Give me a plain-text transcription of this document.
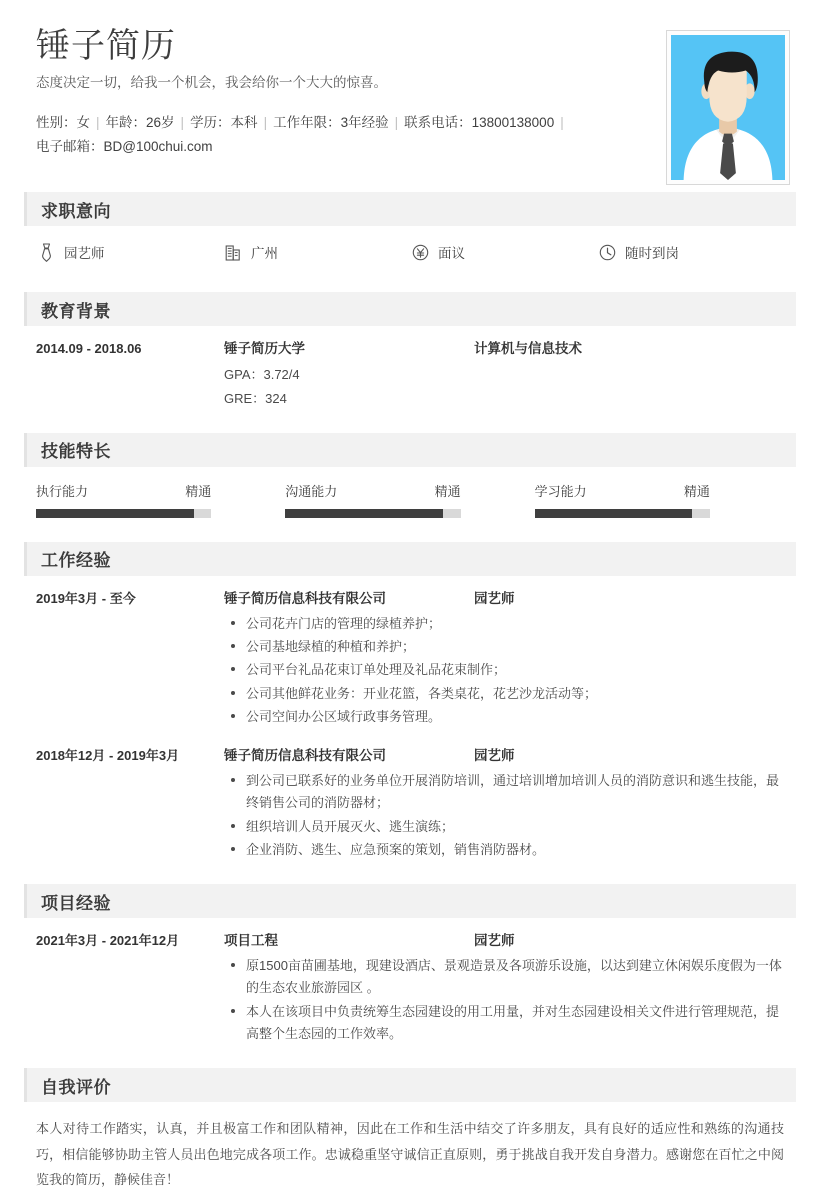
锤子简历

态度决定一切，给我一个机会，我会给你一个大大的惊喜。

性别：女 | 年龄：26岁 | 学历：本科 | 工作年限：3年经验 | 联系电话：13800138000 |
电子邮箱：BD@100chui.com
求职意向
园艺师	广州	面议	随时到岗
教育背景
2014.09 - 2018.06	锤子简历大学	计算机与信息技术
GPA：3.72/4
GRE：324
技能特长
执行能力	精通	沟通能力	精通	学习能力	精通
工作经验
2019年3月 - 至今	锤子简历信息科技有限公司	园艺师
公司花卉门店的管理的绿植养护；
公司基地绿植的种植和养护；
公司平台礼品花束订单处理及礼品花束制作；
公司其他鲜花业务：开业花篮，各类桌花，花艺沙龙活动等；
公司空间办公区域行政事务管理。
2018年12月 - 2019年3月	锤子简历信息科技有限公司	园艺师
到公司已联系好的业务单位开展消防培训，通过培训增加培训人员的消防意识和逃生技能，最终销售公司的消防器材；
组织培训人员开展灭火、逃生演练；
企业消防、逃生、应急预案的策划，销售消防器材。
项目经验
2021年3月 - 2021年12月	项目工程	园艺师
原1500亩苗圃基地，现建设酒店、景观造景及各项游乐设施，以达到建立休闲娱乐度假为一体的生态农业旅游园区 。
本人在该项目中负责统筹生态园建设的用工用量，并对生态园建设相关文件进行管理规范，提高整个生态园的工作效率。
自我评价
本人对待工作踏实，认真，并且极富工作和团队精神，因此在工作和生活中结交了许多朋友，具有良好的适应性和熟练的沟通技巧，相信能够协助主管人员出色地完成各项工作。忠诚稳重坚守诚信正直原则，勇于挑战自我开发自身潜力。感谢您在百忙之中阅览我的简历，静候佳音！
